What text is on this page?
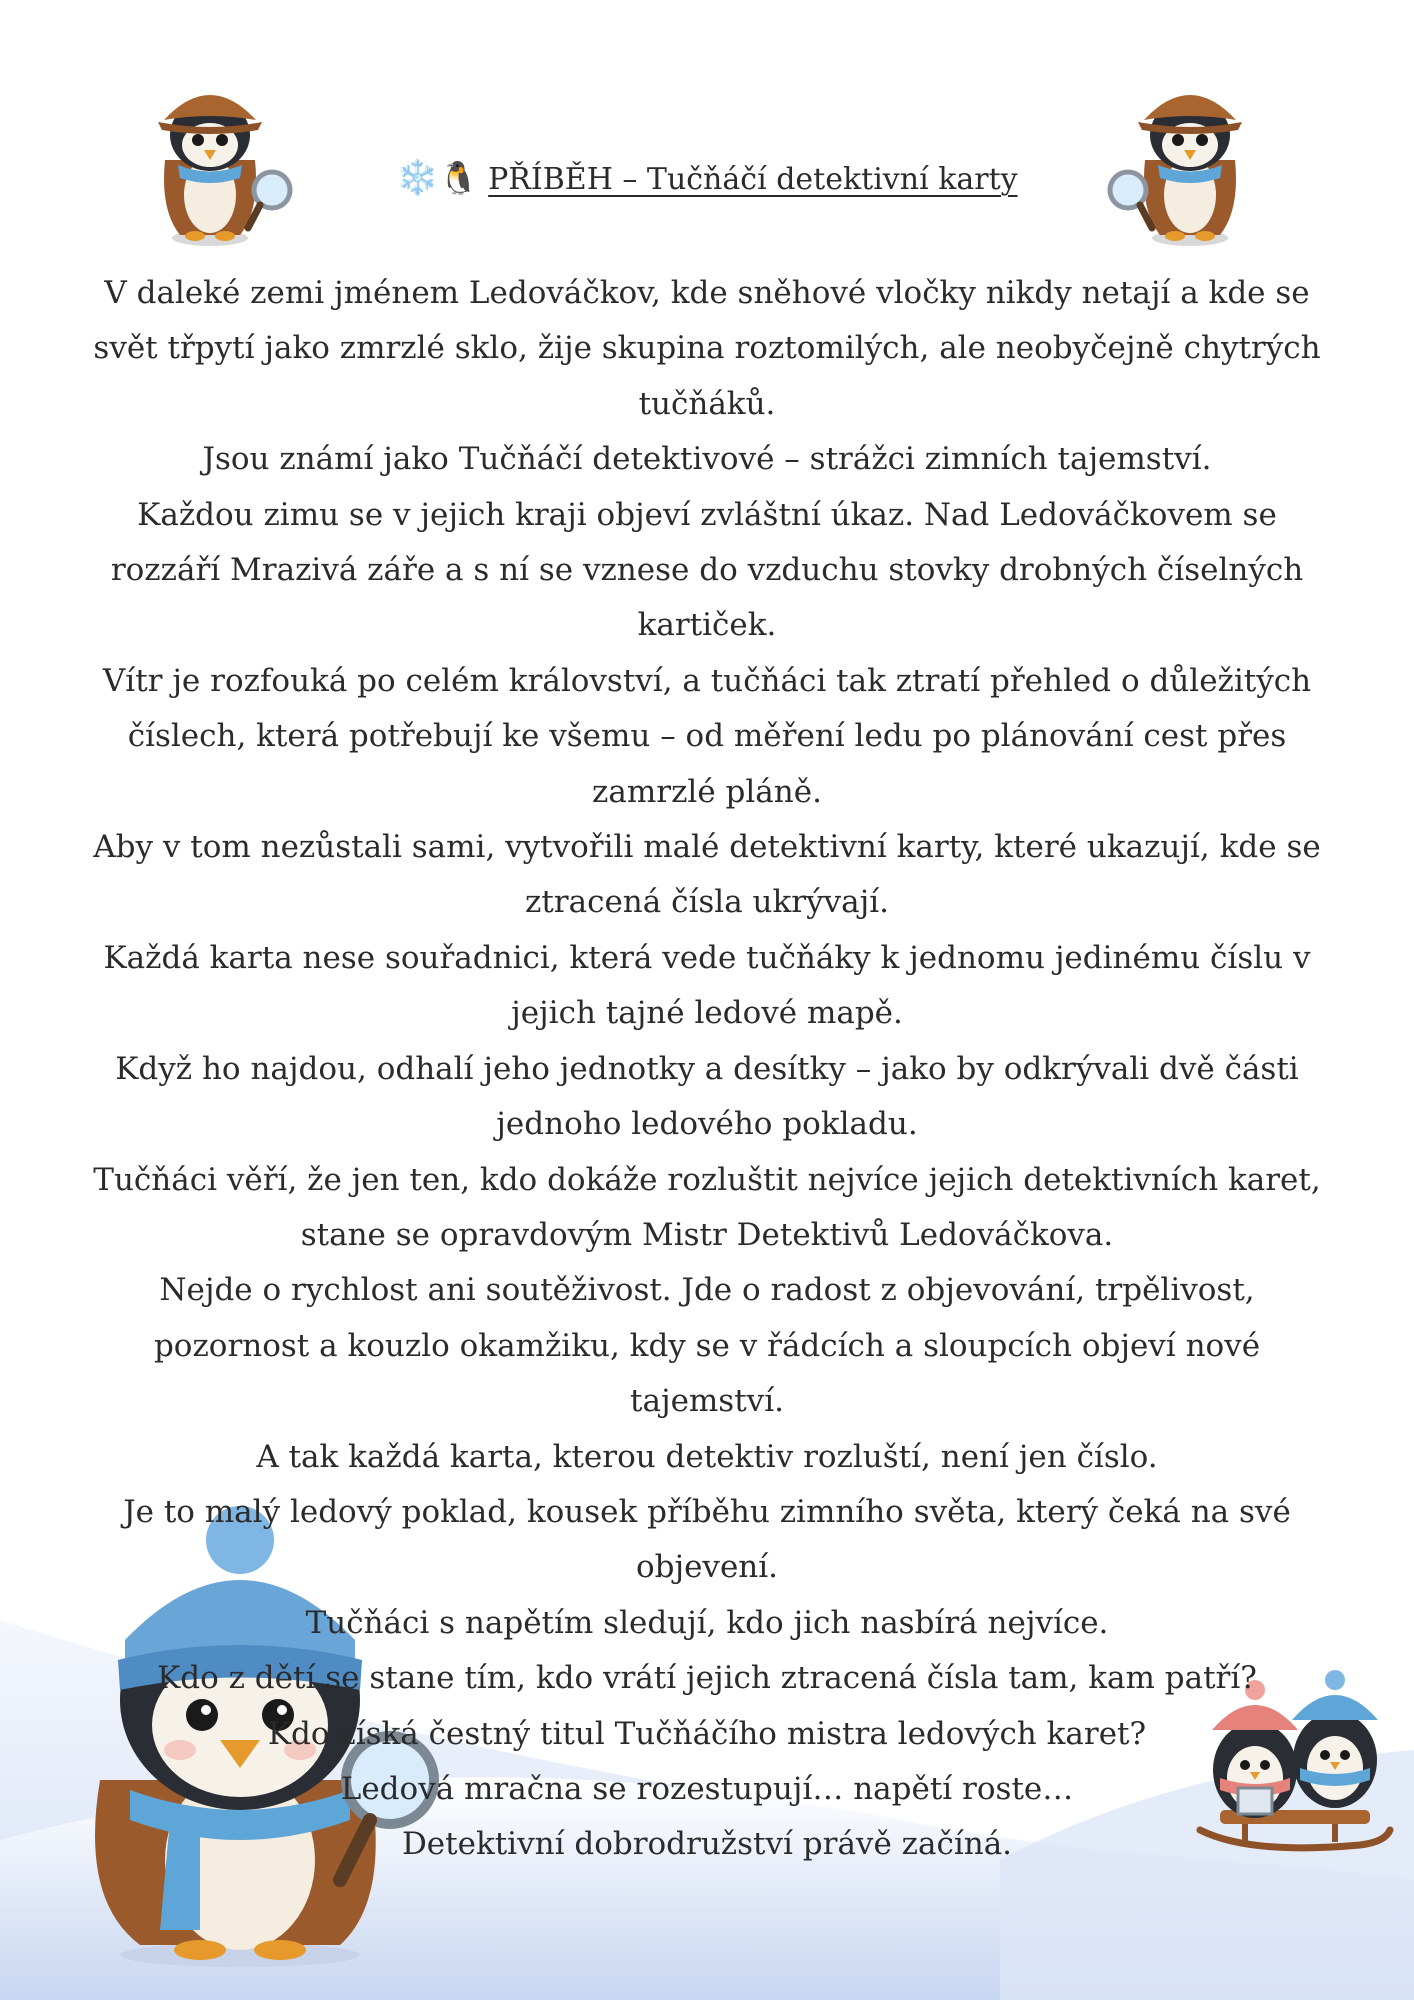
❄️🐧 PŘÍBĚH – Tučňáčí detektivní karty

V daleké zemi jménem Ledováčkov, kde sněhové vločky nikdy netají a kde se svět třpytí jako zmrzlé sklo, žije skupina roztomilých, ale neobyčejně chytrých tučňáků.

Jsou známí jako Tučňáčí detektivové – strážci zimních tajemství.

Každou zimu se v jejich kraji objeví zvláštní úkaz. Nad Ledováčkovem se rozzáří Mrazivá záře a s ní se vznese do vzduchu stovky drobných číselných kartiček.

Vítr je rozfouká po celém království, a tučňáci tak ztratí přehled o důležitých číslech, která potřebují ke všemu – od měření ledu po plánování cest přes zamrzlé pláně.

Aby v tom nezůstali sami, vytvořili malé detektivní karty, které ukazují, kde se ztracená čísla ukrývají.

Každá karta nese souřadnici, která vede tučňáky k jednomu jedinému číslu v jejich tajné ledové mapě.

Když ho najdou, odhalí jeho jednotky a desítky – jako by odkrývali dvě části jednoho ledového pokladu.

Tučňáci věří, že jen ten, kdo dokáže rozluštit nejvíce jejich detektivních karet, stane se opravdovým Mistr Detektivů Ledováčkova.

Nejde o rychlost ani soutěživost. Jde o radost z objevování, trpělivost, pozornost a kouzlo okamžiku, kdy se v řádcích a sloupcích objeví nové tajemství.

A tak každá karta, kterou detektiv rozluští, není jen číslo.

Je to malý ledový poklad, kousek příběhu zimního světa, který čeká na své objevení.

Tučňáci s napětím sledují, kdo jich nasbírá nejvíce.

Kdo z dětí se stane tím, kdo vrátí jejich ztracená čísla tam, kam patří?

Kdo získá čestný titul Tučňáčího mistra ledových karet?

Ledová mračna se rozestupují… napětí roste…

Detektivní dobrodružství právě začíná.
